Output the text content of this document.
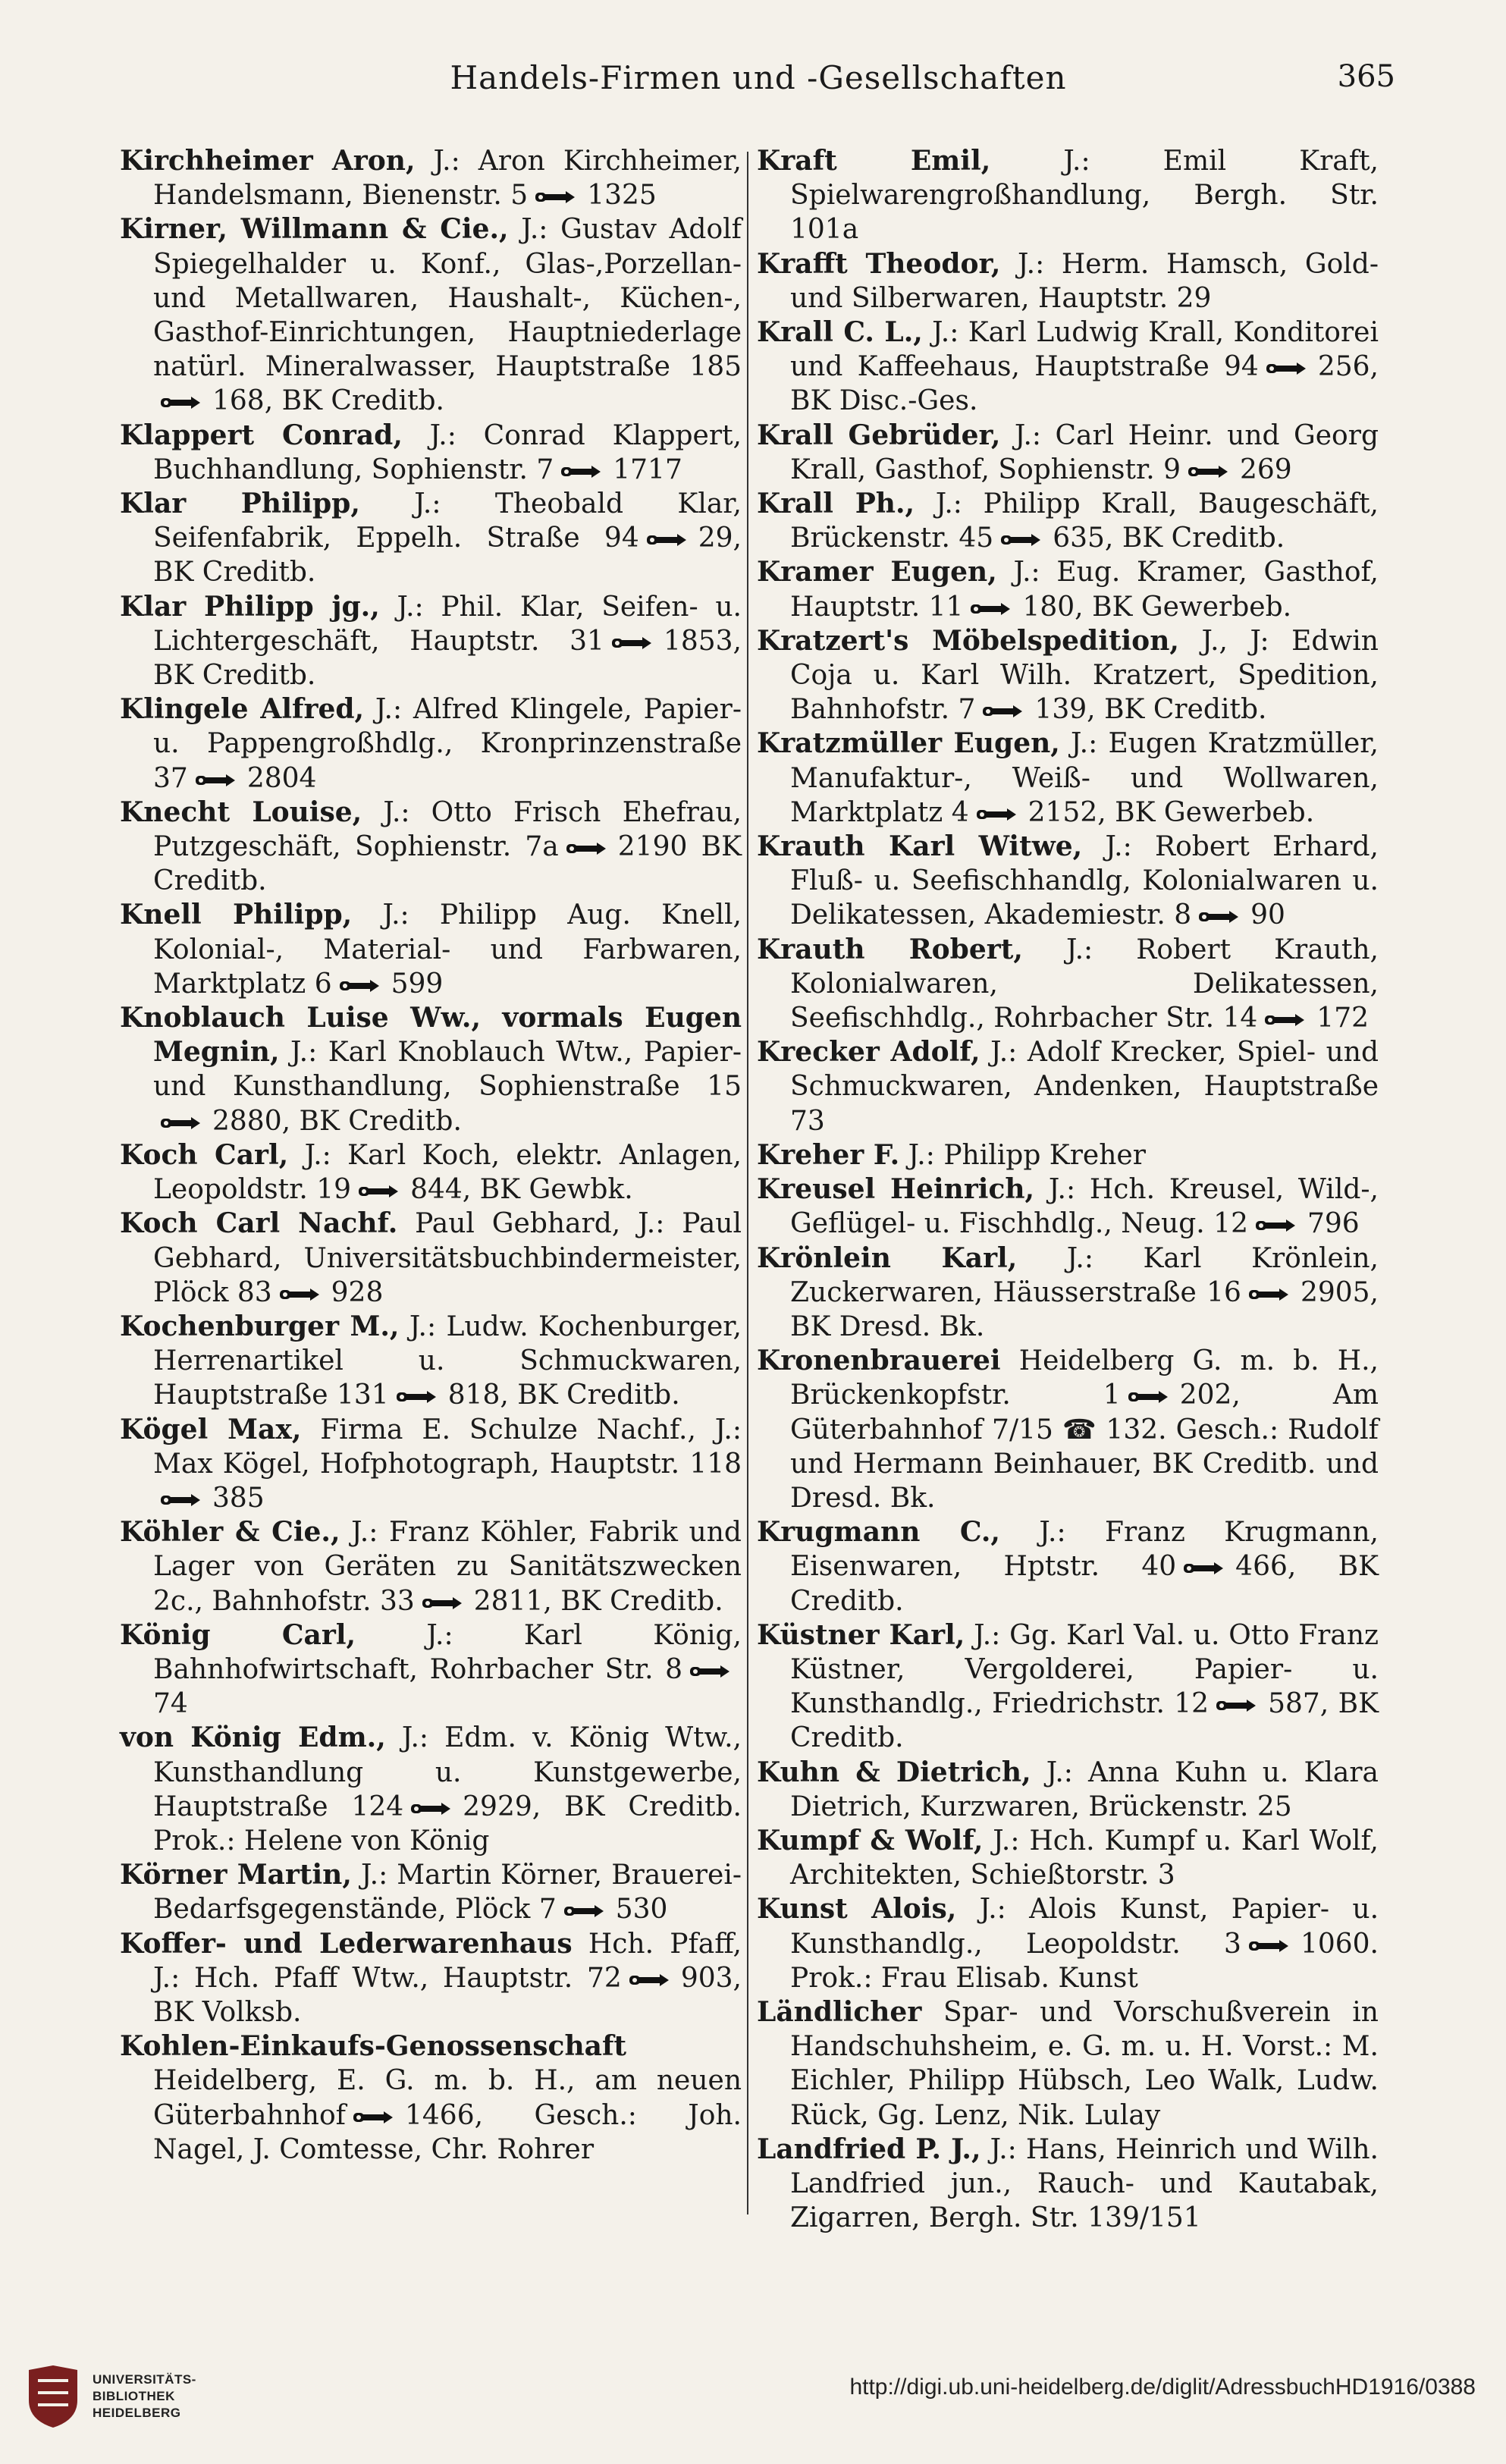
Handels-Firmen und -Gesellschaften	365

Kirchheimer Aron, J.: Aron Kirchheimer, Handelsmann, Bienenstr. 5 1325

Kirner, Willmann & Cie., J.: Gustav Adolf Spiegelhalder u. Konf., Glas-,Porzellan- und Metallwaren, Haushalt-, Küchen-, Gasthof-Einrichtungen, Hauptniederlage natürl. Mineralwasser, Hauptstraße 185168, BK Creditb.

Klappert Conrad, J.: Conrad Klappert, Buchhandlung, Sophienstr. 7 1717

Klar Philipp, J.: Theobald Klar, Seifenfabrik, Eppelh. Straße 94 29, BK Creditb.

Klar Philipp jg., J.: Phil. Klar, Seifen- u. Lichtergeschäft, Hauptstr. 31 1853, BK Creditb.

Klingele Alfred, J.: Alfred Klingele, Papier- u. Pappengroßhdlg., Kronprinzenstraße 37 2804

Knecht Louise, J.: Otto Frisch Ehefrau, Putzgeschäft, Sophienstr. 7a 2190 BK Creditb.

Knell Philipp, J.: Philipp Aug. Knell, Kolonial-, Material- und Farbwaren, Marktplatz 6 599

Knoblauch Luise Ww., vormals Eugen Megnin, J.: Karl Knoblauch Wtw., Papier- und Kunsthandlung, Sophienstraße 152880, BK Creditb.

Koch Carl, J.: Karl Koch, elektr. Anlagen, Leopoldstr. 19 844, BK Gewbk.

Koch Carl Nachf. Paul Gebhard, J.: Paul Gebhard, Universitätsbuchbindermeister, Plöck 83 928

Kochenburger M., J.: Ludw. Kochenburger, Herrenartikel u. Schmuckwaren, Hauptstraße 131 818, BK Creditb.

Kögel Max, Firma E. Schulze Nachf., J.: Max Kögel, Hofphotograph, Hauptstr. 118385

Köhler & Cie., J.: Franz Köhler, Fabrik und Lager von Geräten zu Sanitätszwecken 2c., Bahnhofstr. 33 2811, BK Creditb.

König Carl,	J.: Karl König, Bahnhofwirtschaft, Rohrbacher Str. 874

von König Edm., J.: Edm. v. König Wtw., Kunsthandlung u. Kunstgewerbe, Hauptstraße 124 2929, BK Creditb. Prok.: Helene von König

Körner Martin, J.: Martin Körner, Brauerei-Bedarfsgegenstände, Plöck 7 530

Koffer- und Lederwarenhaus Hch. Pfaff, J.: Hch. Pfaff Wtw., Hauptstr. 72 903, BK Volksb.

Kohlen-Einkaufs-Genossenschaft Heidelberg, E. G. m. b. H., am neuen Güterbahnhof 1466, Gesch.: Joh. Nagel, J. Comtesse, Chr. Rohrer

Kraft Emil,	J.: Emil Kraft, Spielwarengroßhandlung, Bergh. Str. 101a

Krafft Theodor, J.: Herm. Hamsch, Gold- und Silberwaren, Hauptstr. 29

Krall C. L., J.: Karl Ludwig Krall, Konditorei und Kaffeehaus, Hauptstraße 94 256, BK Disc.-Ges.

Krall Gebrüder, J.: Carl Heinr. und Georg Krall, Gasthof, Sophienstr. 9 269

Krall Ph., J.: Philipp Krall, Baugeschäft, Brückenstr. 45 635, BK Creditb.

Kramer Eugen, J.: Eug. Kramer, Gasthof, Hauptstr. 11 180, BK Gewerbeb.

Kratzert's Möbelspedition, J., J: Edwin Coja u. Karl Wilh. Kratzert, Spedition, Bahnhofstr. 7 139, BK Creditb.

Kratzmüller Eugen, J.: Eugen Kratzmüller, Manufaktur-, Weiß- und Wollwaren, Marktplatz 4 2152, BK Gewerbeb.

Krauth Karl Witwe, J.: Robert Erhard, Fluß- u. Seefischhandlg, Kolonialwaren u. Delikatessen, Akademiestr. 8 90

Krauth Robert, J.: Robert Krauth, Kolonialwaren, Delikatessen, Seefischhdlg., Rohrbacher Str. 14 172

Krecker Adolf, J.: Adolf Krecker, Spiel- und Schmuckwaren, Andenken, Hauptstraße 73

Kreher F. J.: Philipp Kreher

Kreusel Heinrich, J.: Hch. Kreusel, Wild-, Geflügel- u. Fischhdlg., Neug. 12 796

Krönlein Karl, J.: Karl Krönlein, Zuckerwaren, Häusserstraße 16 2905, BK Dresd. Bk.

Kronenbrauerei Heidelberg G. m. b. H., Brückenkopfstr. 1 202,	Am Güterbahnhof 7/15 ☎ 132. Gesch.: Rudolf und Hermann Beinhauer, BK Creditb. und Dresd. Bk.

Krugmann C., J.: Franz Krugmann, Eisenwaren, Hptstr. 40 466, BK Creditb.

Küstner Karl, J.: Gg. Karl Val. u. Otto Franz Küstner, Vergolderei, Papier- u. Kunsthandlg., Friedrichstr. 12 587, BK Creditb.

Kuhn & Dietrich, J.: Anna Kuhn u. Klara Dietrich, Kurzwaren, Brückenstr. 25

Kumpf & Wolf, J.: Hch. Kumpf u. Karl Wolf, Architekten, Schießtorstr. 3

Kunst Alois, J.: Alois Kunst, Papier- u. Kunsthandlg., Leopoldstr. 3 1060. Prok.: Frau Elisab. Kunst

Ländlicher Spar- und Vorschußverein in Handschuhsheim, e. G. m. u. H. Vorst.: M. Eichler, Philipp Hübsch, Leo Walk, Ludw. Rück, Gg. Lenz, Nik. Lulay

Landfried P. J., J.: Hans, Heinrich und Wilh. Landfried jun., Rauch- und Kautabak, Zigarren, Bergh. Str. 139/151

UNIVERSITÄTS-
BIBLIOTHEK
HEIDELBERG
http://digi.ub.uni-heidelberg.de/diglit/AdressbuchHD1916/0388
